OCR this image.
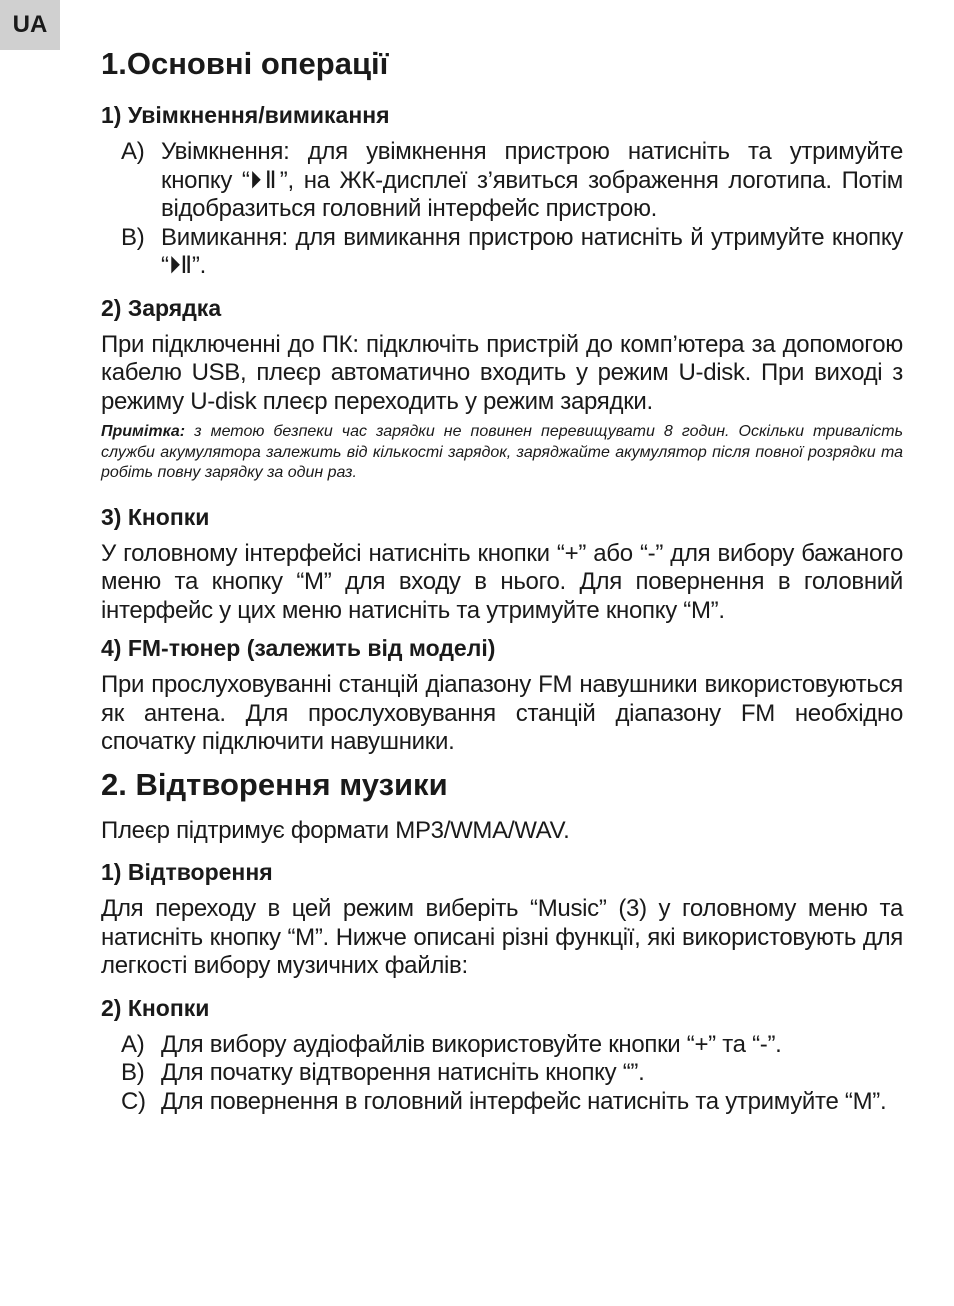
UA
1.Основні операції
1) Увімкнення/вимикання
A) Увімкнення: для увімкнення пристрою натисніть та утримуйте кнопку “⏵Ⅱ”, на ЖК-дисплеї з’явиться зображення логотипа. Потім відобразиться головний інтерфейс пристрою.
B) Вимикання: для вимикання пристрою натисніть й утримуйте кнопку “⏵Ⅱ”.
2) Зарядка

При підключенні до ПК: підключіть пристрій до комп’ютера за допомогою кабелю USB, плеєр автоматично входить у режим U-disk. При виході з режиму U-disk плеєр переходить у режим зарядки.

Примітка: з метою безпеки час зарядки не повинен перевищувати 8 годин. Оскільки тривалість служби акумулятора залежить від кількості зарядок, заряджайте акумулятор після повної розрядки та робіть повну зарядку за один раз.
3) Кнопки

У головному інтерфейсі натисніть кнопки “+” або “-” для вибору бажаного меню та кнопку “M” для входу в нього. Для повернення в головний інтерфейс у цих меню натисніть та утримуйте кнопку “M”.

4) FM-тюнер (залежить від моделі)

При прослуховуванні станцій діапазону FM навушники використовуються як антена. Для прослуховування станцій діапазону FM необхідно спочатку підключити навушники.

2. Відтворення музики

Плеєр підтримує формати MP3/WMA/WAV.

1) Відтворення

Для переходу в цей режим виберіть “Music” (3) у головному меню та натисніть кнопку “M”. Нижче описані різні функції, які використовують для легкості вибору музичних файлів:

2) Кнопки
A) Для вибору аудіофайлів використовуйте кнопки “+” та “-”.
B) Для початку відтворення натисніть кнопку “”.
C) Для повернення в головний інтерфейс натисніть та утримуйте “M”.
